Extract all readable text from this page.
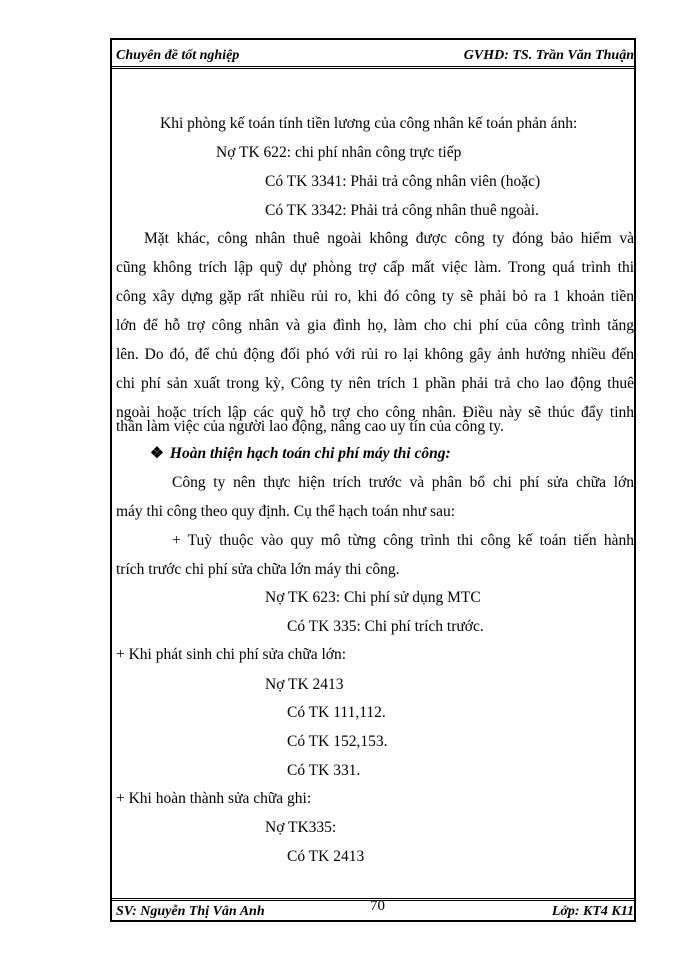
Chuyên đề tốt nghiệp	GVHD: TS. Trần Văn Thuận
Khi phòng kế toán tính tiền lương của công nhân kế toán phản ánh:
Nợ TK 622: chi phí nhân công trực tiếp
Có TK 3341: Phải trả công nhân viên (hoặc)
Có TK 3342: Phải trả công nhân thuê ngoài.
Mặt khác, công nhân thuê ngoài không được công ty đóng bảo hiểm và
cũng không trích lập quỹ dự phòng trợ cấp mất việc làm. Trong quá trình thi
công xây dựng gặp rất nhiều rủi ro, khi đó công ty sẽ phải bỏ ra 1 khoản tiền
lớn để hỗ trợ công nhân và gia đình họ, làm cho chi phí của công trình tăng
lên. Do đó, để chủ động đối phó với rủi ro lại không gây ảnh hưởng nhiều đến
chi phí sản xuất trong kỳ, Công ty nên trích 1 phần phải trả cho lao động thuê
ngoài hoặc trích lập các quỹ hỗ trợ cho công nhân. Điều này sẽ thúc đẩy tinh
thần làm việc của người lao động, nâng cao uy tín của công ty.
❖ Hoàn thiện hạch toán chi phí máy thi công:
Công ty nên thực hiện trích trước và phân bổ chi phí sửa chữa lớn
máy thi công theo quy định. Cụ thể hạch toán như sau:
+ Tuỳ thuộc vào quy mô từng công trình thi công kế toán tiến hành
trích trước chi phí sửa chữa lớn máy thi công.
Nợ TK 623: Chi phí sử dụng MTC
Có TK 335: Chi phí trích trước.
+ Khi phát sinh chi phí sửa chữa lớn:
Nợ TK 2413
Có TK 111,112.
Có TK 152,153.
Có TK 331.
+ Khi hoàn thành sửa chữa ghi:
Nợ TK335:
Có TK 2413
SV: Nguyễn Thị Vân Anh	70	Lớp: KT4 K11
